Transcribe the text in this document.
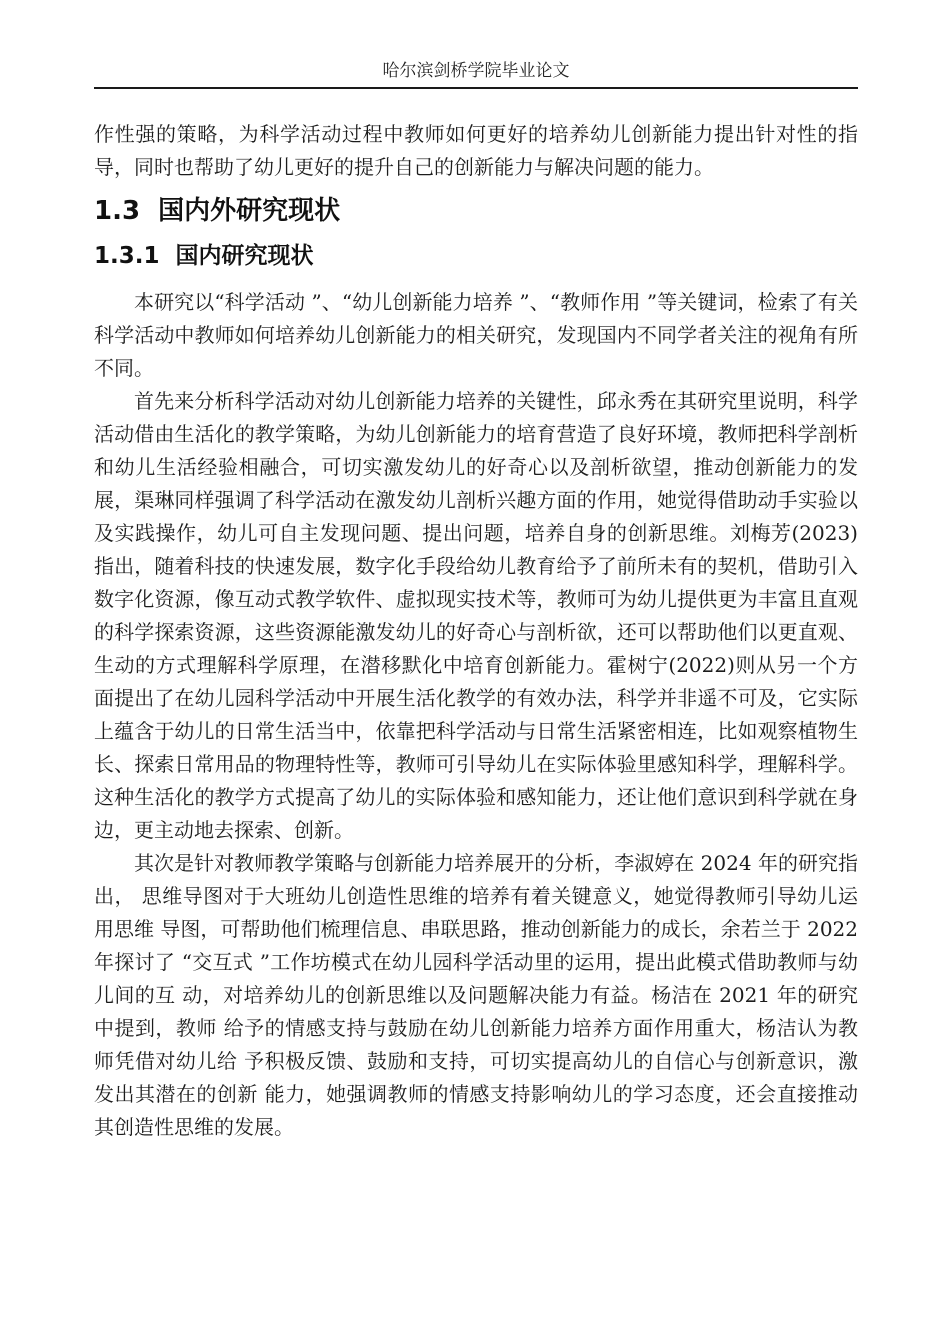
哈尔滨剑桥学院毕业论文

作性强的策略，为科学活动过程中教师如何更好的培养幼儿创新能力提出针对性的指导，同时也帮助了幼儿更好的提升自己的创新能力与解决问题的能力。

1.3  国内外研究现状
1.3.1  国内研究现状

本研究以“科学活动 ”、“幼儿创新能力培养 ”、“教师作用 ”等关键词，检索了有关 科学活动中教师如何培养幼儿创新能力的相关研究，发现国内不同学者关注的视角有所 不同。

首先来分析科学活动对幼儿创新能力培养的关键性，邱永秀在其研究里说明，科学活动借由生活化的教学策略，为幼儿创新能力的培育营造了良好环境，教师把科学剖析和幼儿生活经验相融合，可切实激发幼儿的好奇心以及剖析欲望，推动创新能力的发展，渠琳同样强调了科学活动在激发幼儿剖析兴趣方面的作用，她觉得借助动手实验以及实践操作，幼儿可自主发现问题、提出问题，培养自身的创新思维。刘梅芳(2023)指出，随着科技的快速发展，数字化手段给幼儿教育给予了前所未有的契机，借助引入数字化资源，像互动式教学软件、虚拟现实技术等，教师可为幼儿提供更为丰富且直观的科学探索资源，这些资源能激发幼儿的好奇心与剖析欲，还可以帮助他们以更直观、生动的方式理解科学原理，在潜移默化中培育创新能力。霍树宁(2022)则从另一个方面提出了在幼儿园科学活动中开展生活化教学的有效办法，科学并非遥不可及，它实际上蕴含于幼儿的日常生活当中，依靠把科学活动与日常生活紧密相连，比如观察植物生长、探索日常用品的物理特性等，教师可引导幼儿在实际体验里感知科学，理解科学。这种生活化的教学方式提高了幼儿的实际体验和感知能力，还让他们意识到科学就在身边，更主动地去探索、创新。

其次是针对教师教学策略与创新能力培养展开的分析，李淑婷在 2024 年的研究指出， 思维导图对于大班幼儿创造性思维的培养有着关键意义，她觉得教师引导幼儿运用思维 导图，可帮助他们梳理信息、串联思路，推动创新能力的成长，余若兰于 2022 年探讨了 “交互式 ”工作坊模式在幼儿园科学活动里的运用，提出此模式借助教师与幼儿间的互 动，对培养幼儿的创新思维以及问题解决能力有益。杨洁在 2021 年的研究中提到，教师 给予的情感支持与鼓励在幼儿创新能力培养方面作用重大，杨洁认为教师凭借对幼儿给 予积极反馈、鼓励和支持，可切实提高幼儿的自信心与创新意识，激发出其潜在的创新 能力，她强调教师的情感支持影响幼儿的学习态度，还会直接推动其创造性思维的发展。
